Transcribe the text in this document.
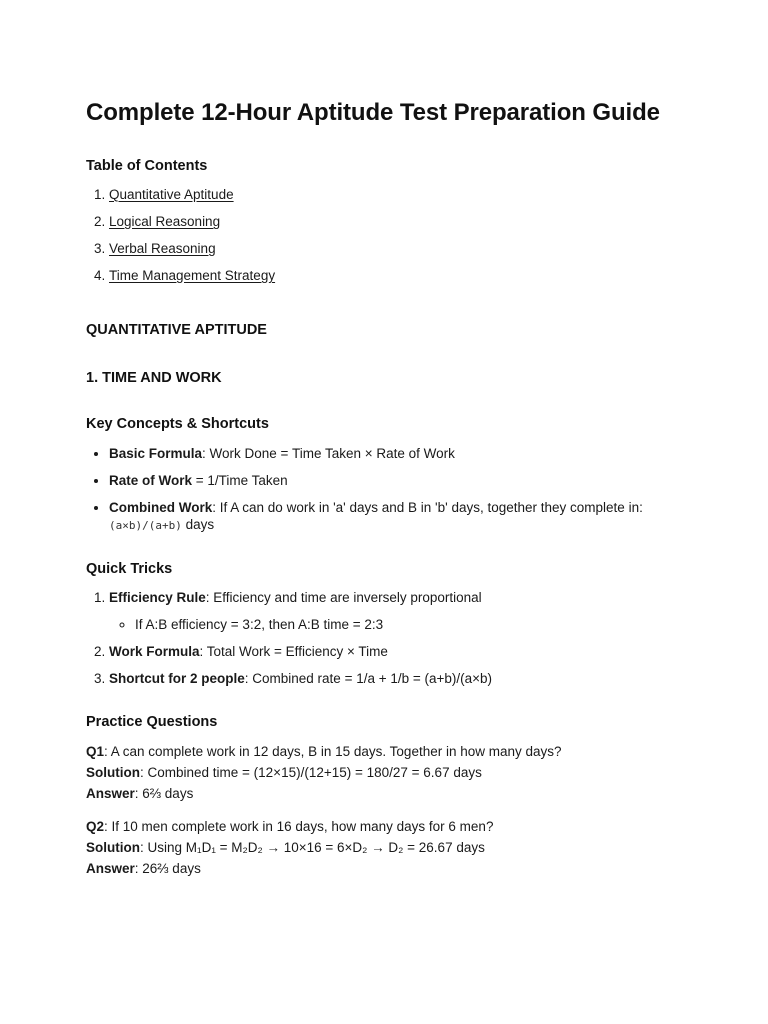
Complete 12-Hour Aptitude Test Preparation Guide
Table of Contents
1. Quantitative Aptitude
2. Logical Reasoning
3. Verbal Reasoning
4. Time Management Strategy
QUANTITATIVE APTITUDE
1. TIME AND WORK
Key Concepts & Shortcuts
• Basic Formula: Work Done = Time Taken × Rate of Work
• Rate of Work = 1/Time Taken
• Combined Work: If A can do work in 'a' days and B in 'b' days, together they complete in: (a×b)/(a+b) days
Quick Tricks
1. Efficiency Rule: Efficiency and time are inversely proportional
◦ If A:B efficiency = 3:2, then A:B time = 2:3
2. Work Formula: Total Work = Efficiency × Time
3. Shortcut for 2 people: Combined rate = 1/a + 1/b = (a+b)/(a×b)
Practice Questions

Q1: A can complete work in 12 days, B in 15 days. Together in how many days?
Solution: Combined time = (12×15)/(12+15) = 180/27 = 6.67 days
Answer: 6⅔ days

Q2: If 10 men complete work in 16 days, how many days for 6 men?
Solution: Using M₁D₁ = M₂D₂ → 10×16 = 6×D₂ → D₂ = 26.67 days
Answer: 26⅔ days
